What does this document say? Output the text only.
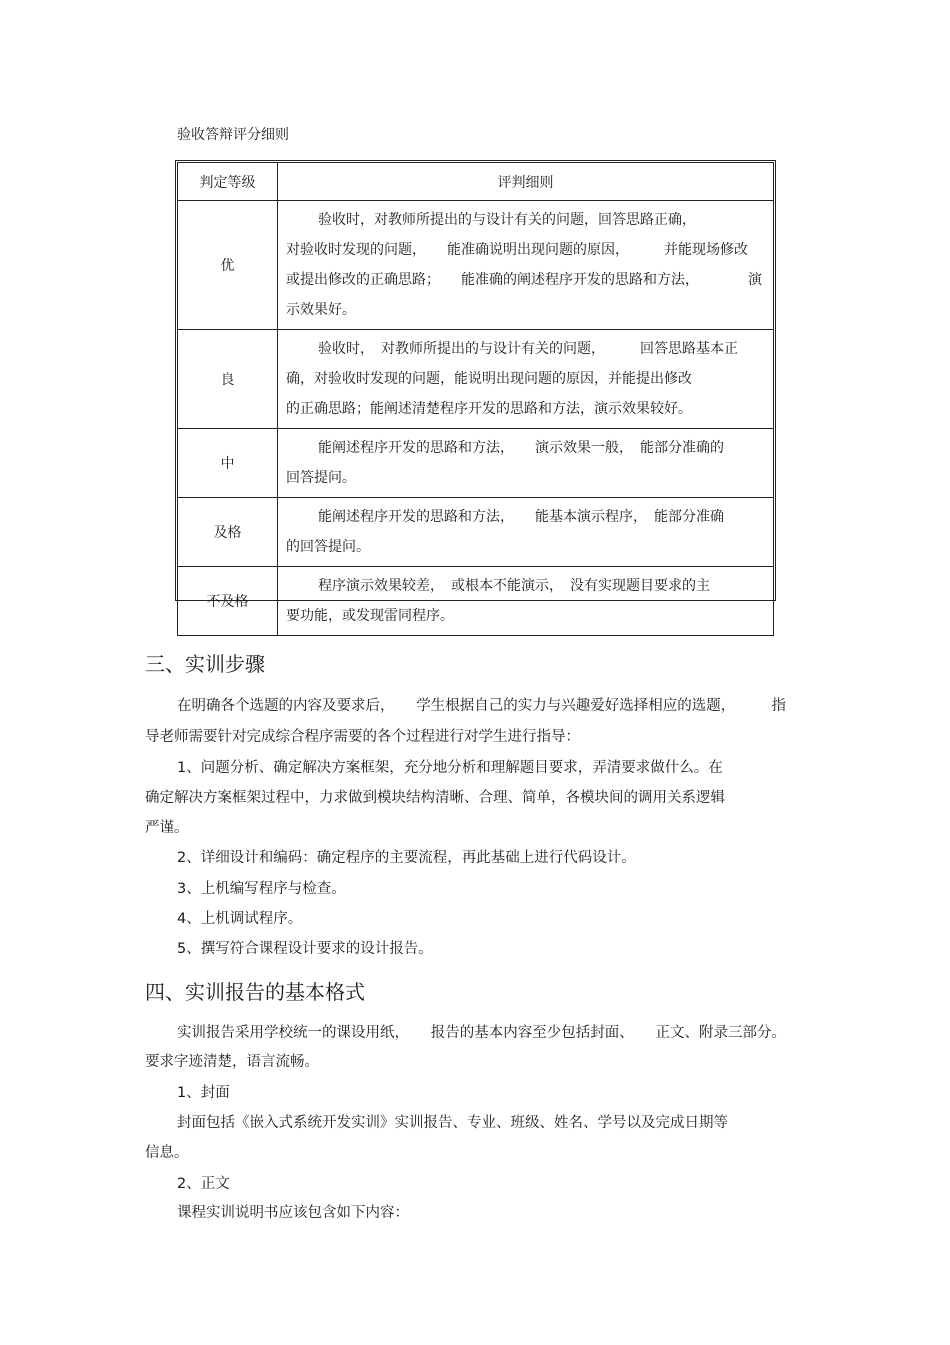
验收答辩评分细则
判定等级	评判细则
优	验收时，对教师所提出的与设计有关的问题，回答思路正确，
对验收时发现的问题，　　能准确说明出现问题的原因，　　　并能现场修改
或提出修改的正确思路；　　能准确的阐述程序开发的思路和方法，　　　　演
示效果好。

良	验收时，　对教师所提出的与设计有关的问题，　　　回答思路基本正
确，对验收时发现的问题，能说明出现问题的原因，并能提出修改
的正确思路；能阐述清楚程序开发的思路和方法，演示效果较好。

中	能阐述程序开发的思路和方法，　　演示效果一般，　能部分准确的
回答提问。

及格	能阐述程序开发的思路和方法，　　能基本演示程序，　能部分准确
的回答提问。

不及格	程序演示效果较差，　或根本不能演示，　没有实现题目要求的主
要功能，或发现雷同程序。
三、实训步骤
在明确各个选题的内容及要求后，　　学生根据自己的实力与兴趣爱好选择相应的选题，　　　指
导老师需要针对完成综合程序需要的各个过程进行对学生进行指导：
1、问题分析、确定解决方案框架，充分地分析和理解题目要求，弄清要求做什么。在
确定解决方案框架过程中，力求做到模块结构清晰、合理、简单，各模块间的调用关系逻辑
严谨。
2、详细设计和编码：确定程序的主要流程，再此基础上进行代码设计。
3、上机编写程序与检查。
4、上机调试程序。
5、撰写符合课程设计要求的设计报告。
四、实训报告的基本格式
实训报告采用学校统一的课设用纸，　　报告的基本内容至少包括封面、　　正文、附录三部分。
要求字迹清楚，语言流畅。
1、封面
封面包括《嵌入式系统开发实训》实训报告、专业、班级、姓名、学号以及完成日期等
信息。
2、正文
课程实训说明书应该包含如下内容：
